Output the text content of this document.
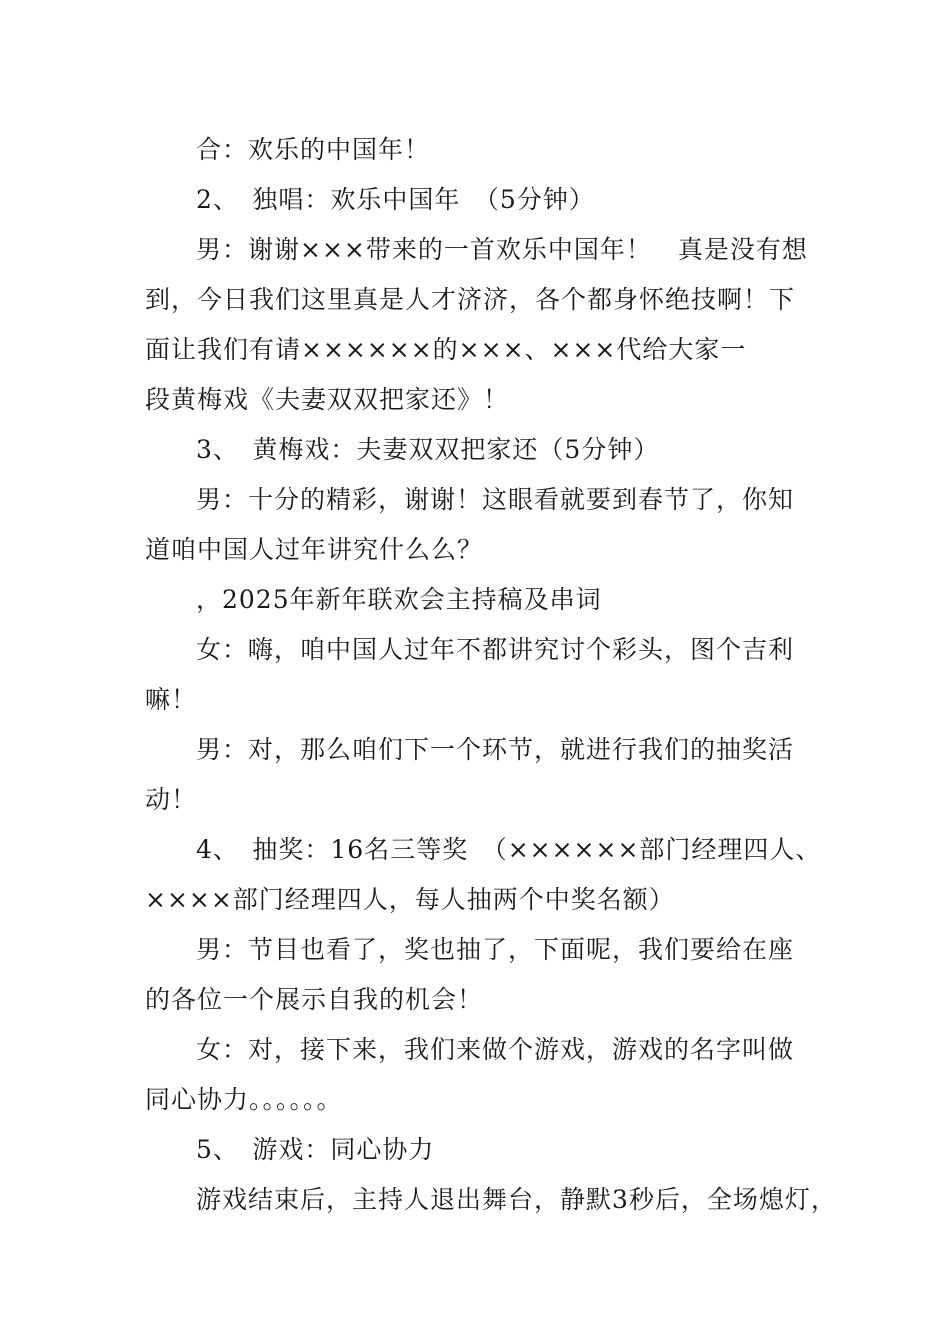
合：欢乐的中国年！
2、　独唱：欢乐中国年　（5分钟）
男：谢谢×××带来的一首欢乐中国年！　真是没有想
到，今日我们这里真是人才济济，各个都身怀绝技啊！下
面让我们有请××××××的×××、×××代给大家一
段黄梅戏《夫妻双双把家还》！
3、　黄梅戏：夫妻双双把家还（5分钟）
男：十分的精彩，谢谢！这眼看就要到春节了，你知
道咱中国人过年讲究什么么？
，2025年新年联欢会主持稿及串词
女：嗨，咱中国人过年不都讲究讨个彩头，图个吉利
嘛！
男：对，那么咱们下一个环节，就进行我们的抽奖活
动！
4、　抽奖：16名三等奖　（××××××部门经理四人、
××××部门经理四人，每人抽两个中奖名额）
男：节目也看了，奖也抽了，下面呢，我们要给在座
的各位一个展示自我的机会！
女：对，接下来，我们来做个游戏，游戏的名字叫做
同心协力。。。。。。
5、　游戏：同心协力
游戏结束后，主持人退出舞台，静默3秒后，全场熄灯，
